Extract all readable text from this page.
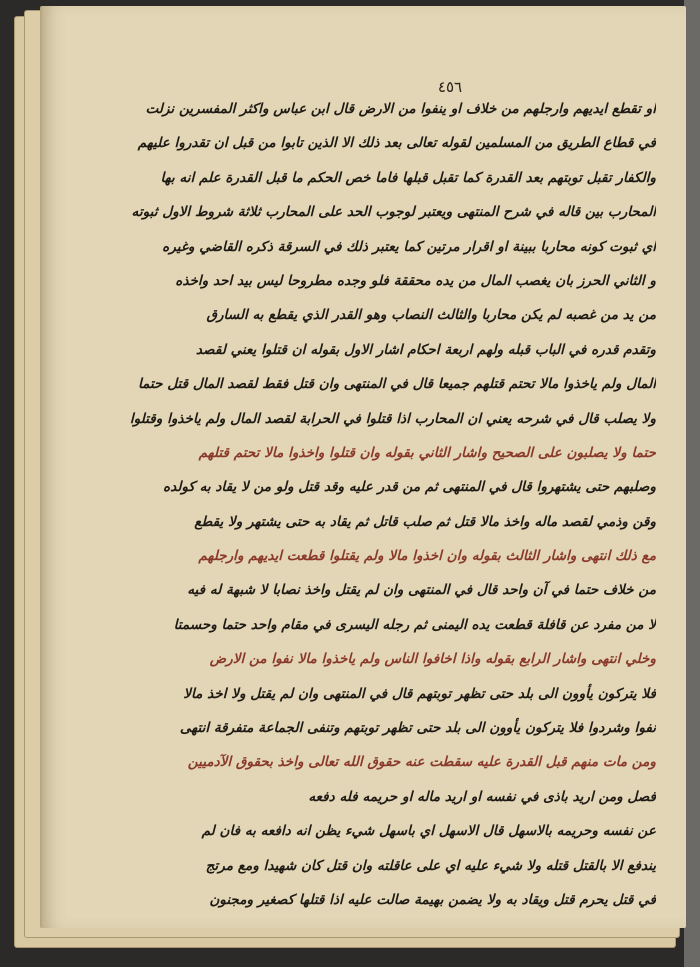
٤٥٦
او تقطع ايديهم وارجلهم من خلاف او ينفوا من الارض قال ابن عباس واكثر المفسرين نزلت
في قطاع الطريق من المسلمين لقوله تعالى بعد ذلك الا الذين تابوا من قبل ان تقدروا عليهم
والكفار تقبل توبتهم بعد القدرة كما تقبل قبلها فاما خص الحكم ما قبل القدرة علم انه بها
المحارب بين قاله في شرح المنتهى ويعتبر لوجوب الحد على المحارب ثلاثة شروط الاول ثبوته
اي ثبوت كونه محاربا ببينة او اقرار مرتين كما يعتبر ذلك في السرقة ذكره القاضي وغيره
و الثاني الحرز بان يغصب المال من يده محققة فلو وجده مطروحا ليس بيد احد واخذه
من يد من غصبه لم يكن محاربا والثالث النصاب وهو القدر الذي يقطع به السارق
وتقدم قدره في الباب قبله ولهم اربعة احكام اشار الاول بقوله ان قتلوا يعني لقصد
المال ولم ياخذوا مالا تحتم قتلهم جميعا قال في المنتهى وان قتل فقط لقصد المال قتل حتما
ولا يصلب قال في شرحه يعني ان المحارب اذا قتلوا في الحرابة لقصد المال ولم ياخذوا وقتلوا
حتما ولا يصلبون على الصحيح واشار الثاني بقوله وان قتلوا واخذوا مالا تحتم قتلهم
وصلبهم حتى يشتهروا قال في المنتهى ثم من قدر عليه وقد قتل ولو من لا يقاد به كولده
وقن وذمي لقصد ماله واخذ مالا قتل ثم صلب قاتل ثم يقاد به حتى يشتهر ولا يقطع
مع ذلك انتهى واشار الثالث بقوله وان اخذوا مالا ولم يقتلوا قطعت ايديهم وارجلهم
من خلاف حتما في آن واحد قال في المنتهى وان لم يقتل واخذ نصابا لا شبهة له فيه
لا من مفرد عن قافلة قطعت يده اليمنى ثم رجله اليسرى في مقام واحد حتما وحسمتا
وخلي انتهى واشار الرابع بقوله واذا اخافوا الناس ولم ياخذوا مالا نفوا من الارض
فلا يتركون يأوون الى بلد حتى تظهر توبتهم قال في المنتهى وان لم يقتل ولا اخذ مالا
نفوا وشردوا فلا يتركون يأوون الى بلد حتى تظهر توبتهم وتنفى الجماعة متفرقة انتهى
ومن مات منهم قبل القدرة عليه سقطت عنه حقوق الله تعالى واخذ بحقوق الآدميين
فصل ومن اريد باذى في نفسه او اريد ماله او حريمه فله دفعه
عن نفسه وحريمه بالاسهل قال الاسهل اي باسهل شيء يظن انه دافعه به فان لم
يندفع الا بالقتل قتله ولا شيء عليه اي على عاقلته وان قتل كان شهيدا ومع مرتج
في قتل يحرم قتل ويقاد به ولا يضمن بهيمة صالت عليه اذا قتلها كصغير ومجنون
